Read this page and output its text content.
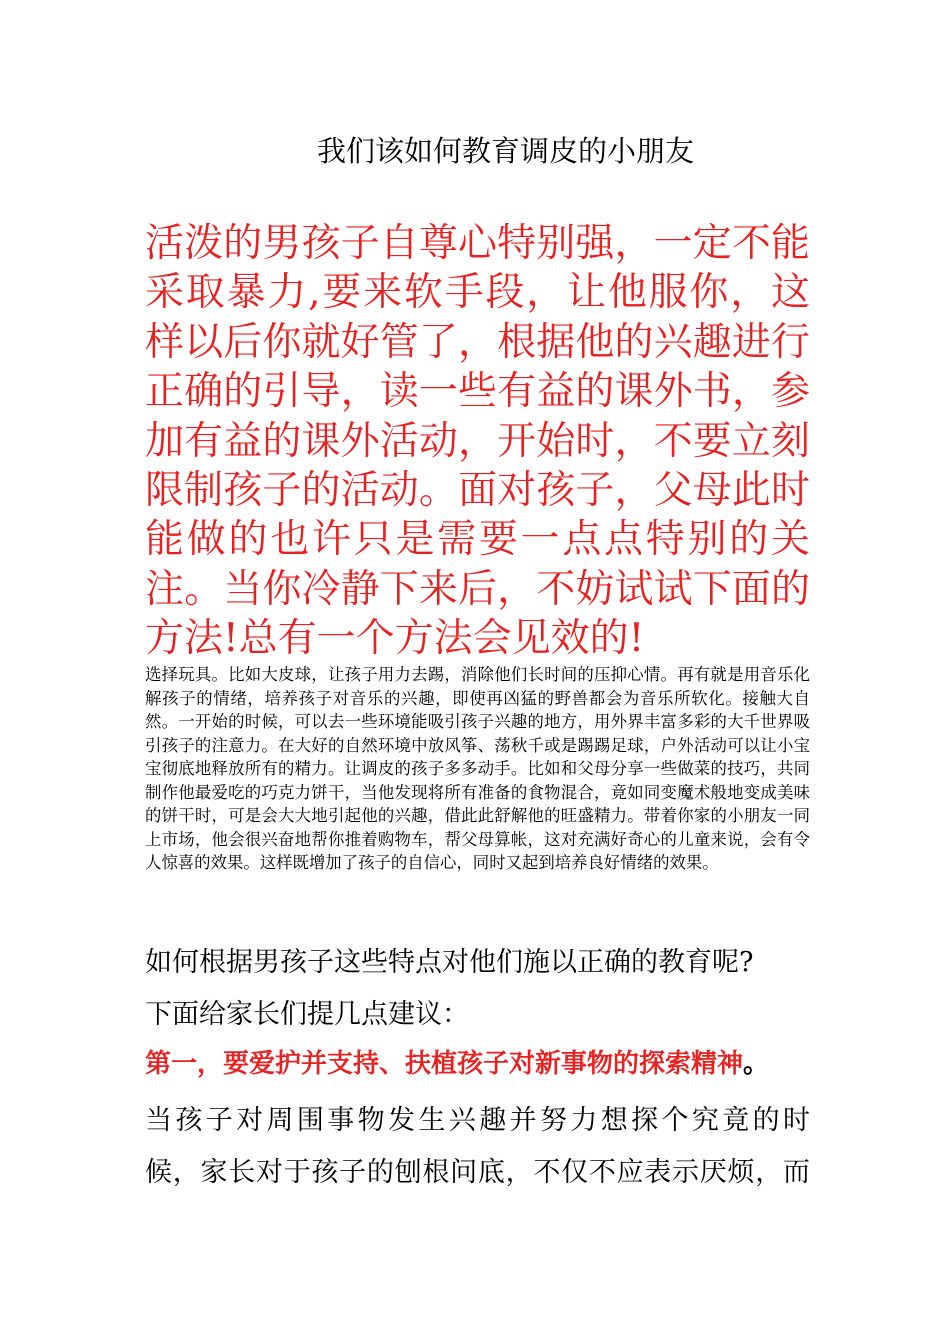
我们该如何教育调皮的小朋友

活泼的男孩子自尊心特别强，一定不能采取暴力,要来软手段，让他服你，这样以后你就好管了，根据他的兴趣进行正确的引导，读一些有益的课外书，参加有益的课外活动，开始时，不要立刻限制孩子的活动。面对孩子，父母此时能做的也许只是需要一点点特别的关注。当你冷静下来后，不妨试试下面的方法!总有一个方法会见效的!

选择玩具。比如大皮球，让孩子用力去踢，消除他们长时间的压抑心情。再有就是用音乐化解孩子的情绪，培养孩子对音乐的兴趣，即使再凶猛的野兽都会为音乐所软化。接触大自然。一开始的时候，可以去一些环境能吸引孩子兴趣的地方，用外界丰富多彩的大千世界吸引孩子的注意力。在大好的自然环境中放风筝、荡秋千或是踢踢足球，户外活动可以让小宝宝彻底地释放所有的精力。让调皮的孩子多多动手。比如和父母分享一些做菜的技巧，共同制作他最爱吃的巧克力饼干，当他发现将所有准备的食物混合，竟如同变魔术般地变成美味的饼干时，可是会大大地引起他的兴趣，借此此舒解他的旺盛精力。带着你家的小朋友一同上市场，他会很兴奋地帮你推着购物车，帮父母算帐，这对充满好奇心的儿童来说，会有令人惊喜的效果。这样既增加了孩子的自信心，同时又起到培养良好情绪的效果。

如何根据男孩子这些特点对他们施以正确的教育呢?

下面给家长们提几点建议：

第一，要爱护并支持、扶植孩子对新事物的探索精神。

当孩子对周围事物发生兴趣并努力想探个究竟的时
候，家长对于孩子的刨根问底，不仅不应表示厌烦，而
